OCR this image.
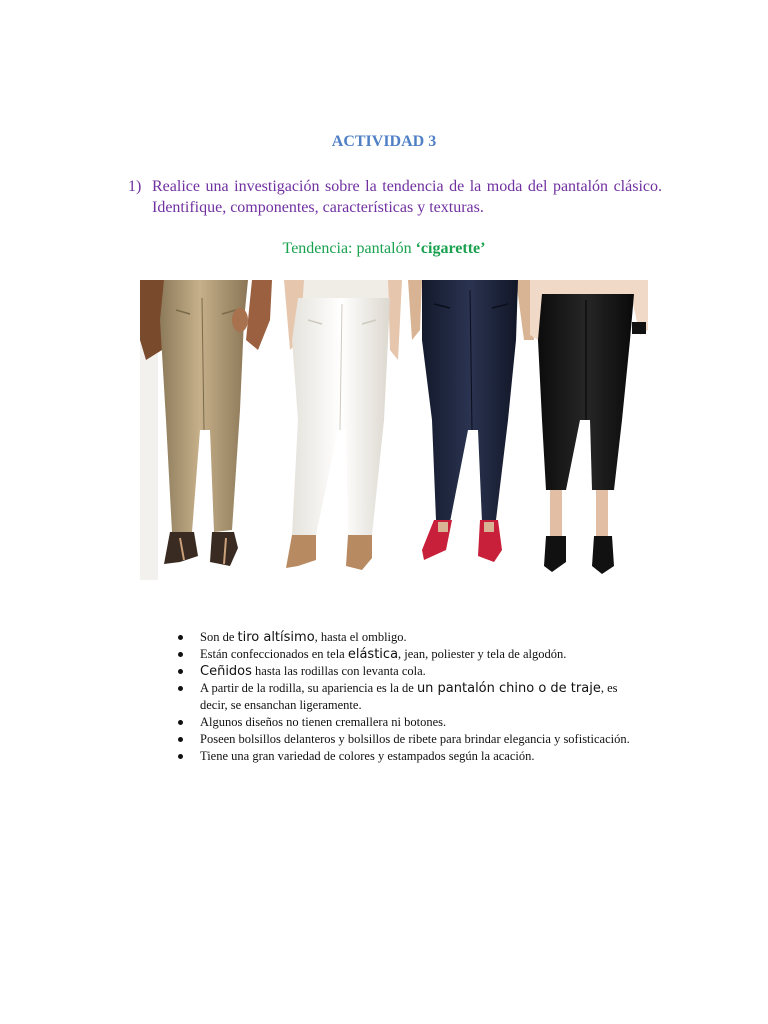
ACTIVIDAD 3
1) Realice una investigación sobre la tendencia de la moda del pantalón clásico. Identifique, componentes, características y texturas.
Tendencia: pantalón ‘cigarette’
Son de tiro altísimo, hasta el ombligo.
Están confeccionados en tela elástica, jean, poliester y tela de algodón.
Ceñidos hasta las rodillas con levanta cola.
A partir de la rodilla, su apariencia es la de un pantalón chino o de traje, es decir, se ensanchan ligeramente.
Algunos diseños no tienen cremallera ni botones.
Poseen bolsillos delanteros y bolsillos de ribete para brindar elegancia y sofisticación.
Tiene una gran variedad de colores y estampados según la acación.
